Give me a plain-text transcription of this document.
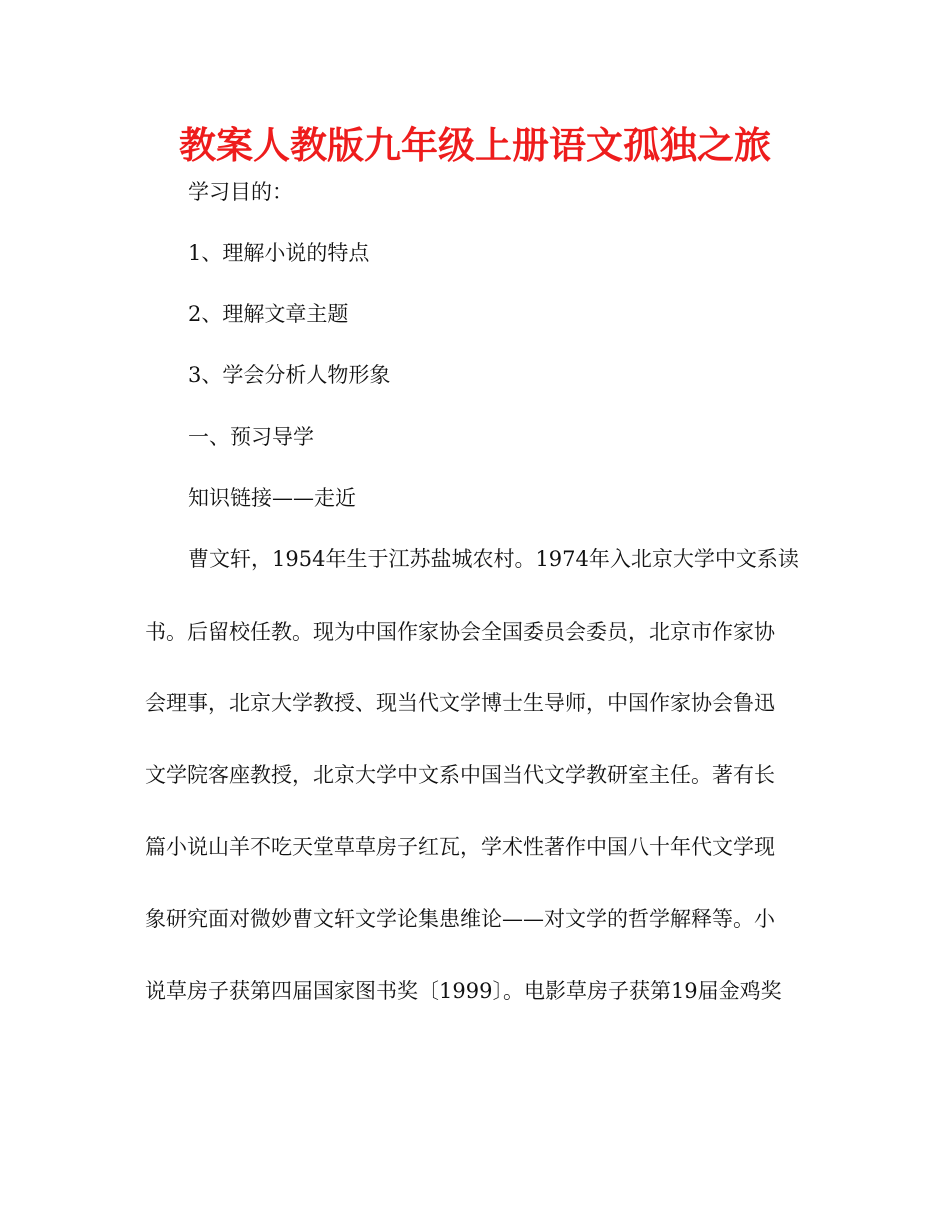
教案人教版九年级上册语文孤独之旅
学习目的：
1、理解小说的特点
2、理解文章主题
3、学会分析人物形象
一、预习导学
知识链接——走近
曹文轩，1954年生于江苏盐城农村。1974年入北京大学中文系读
书。后留校任教。现为中国作家协会全国委员会委员，北京市作家协
会理事，北京大学教授、现当代文学博士生导师，中国作家协会鲁迅
文学院客座教授，北京大学中文系中国当代文学教研室主任。著有长
篇小说山羊不吃天堂草草房子红瓦，学术性著作中国八十年代文学现
象研究面对微妙曹文轩文学论集患维论——对文学的哲学解释等。小
说草房子获第四届国家图书奖〔1999〕。电影草房子获第19届金鸡奖
